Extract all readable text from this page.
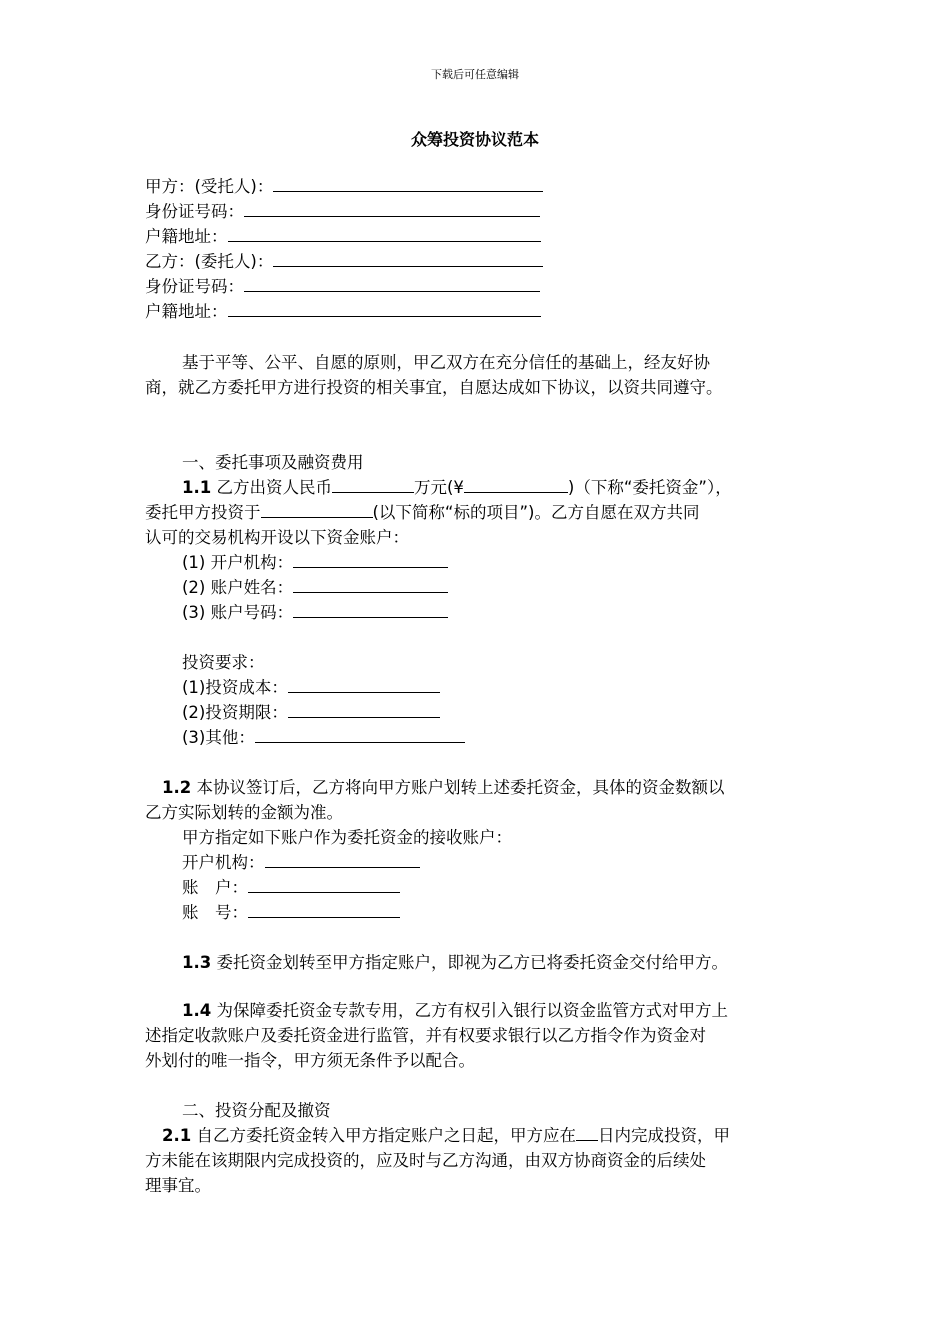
下载后可任意编辑
众筹投资协议范本
甲方：(受托人)：
身份证号码：
户籍地址：
乙方：(委托人)：
身份证号码：
户籍地址：
基于平等、公平、自愿的原则，甲乙双方在充分信任的基础上，经友好协
商，就乙方委托甲方进行投资的相关事宜，自愿达成如下协议，以资共同遵守。
一、委托事项及融资费用
1.1 乙方出资人民币	万元(¥	)（下称“委托资金”），
委托甲方投资于	(以下简称“标的项目”)。乙方自愿在双方共同
认可的交易机构开设以下资金账户：
(1) 开户机构：
(2) 账户姓名：
(3) 账户号码：
投资要求：
(1)投资成本：
(2)投资期限：
(3)其他：
1.2 本协议签订后，乙方将向甲方账户划转上述委托资金，具体的资金数额以
乙方实际划转的金额为准。
甲方指定如下账户作为委托资金的接收账户：
开户机构：
账　户：
账　号：
1.3 委托资金划转至甲方指定账户，即视为乙方已将委托资金交付给甲方。
1.4 为保障委托资金专款专用，乙方有权引入银行以资金监管方式对甲方上
述指定收款账户及委托资金进行监管，并有权要求银行以乙方指令作为资金对
外划付的唯一指令，甲方须无条件予以配合。
二、投资分配及撤资
2.1 自乙方委托资金转入甲方指定账户之日起，甲方应在 日内完成投资，甲
方未能在该期限内完成投资的，应及时与乙方沟通，由双方协商资金的后续处
理事宜。
